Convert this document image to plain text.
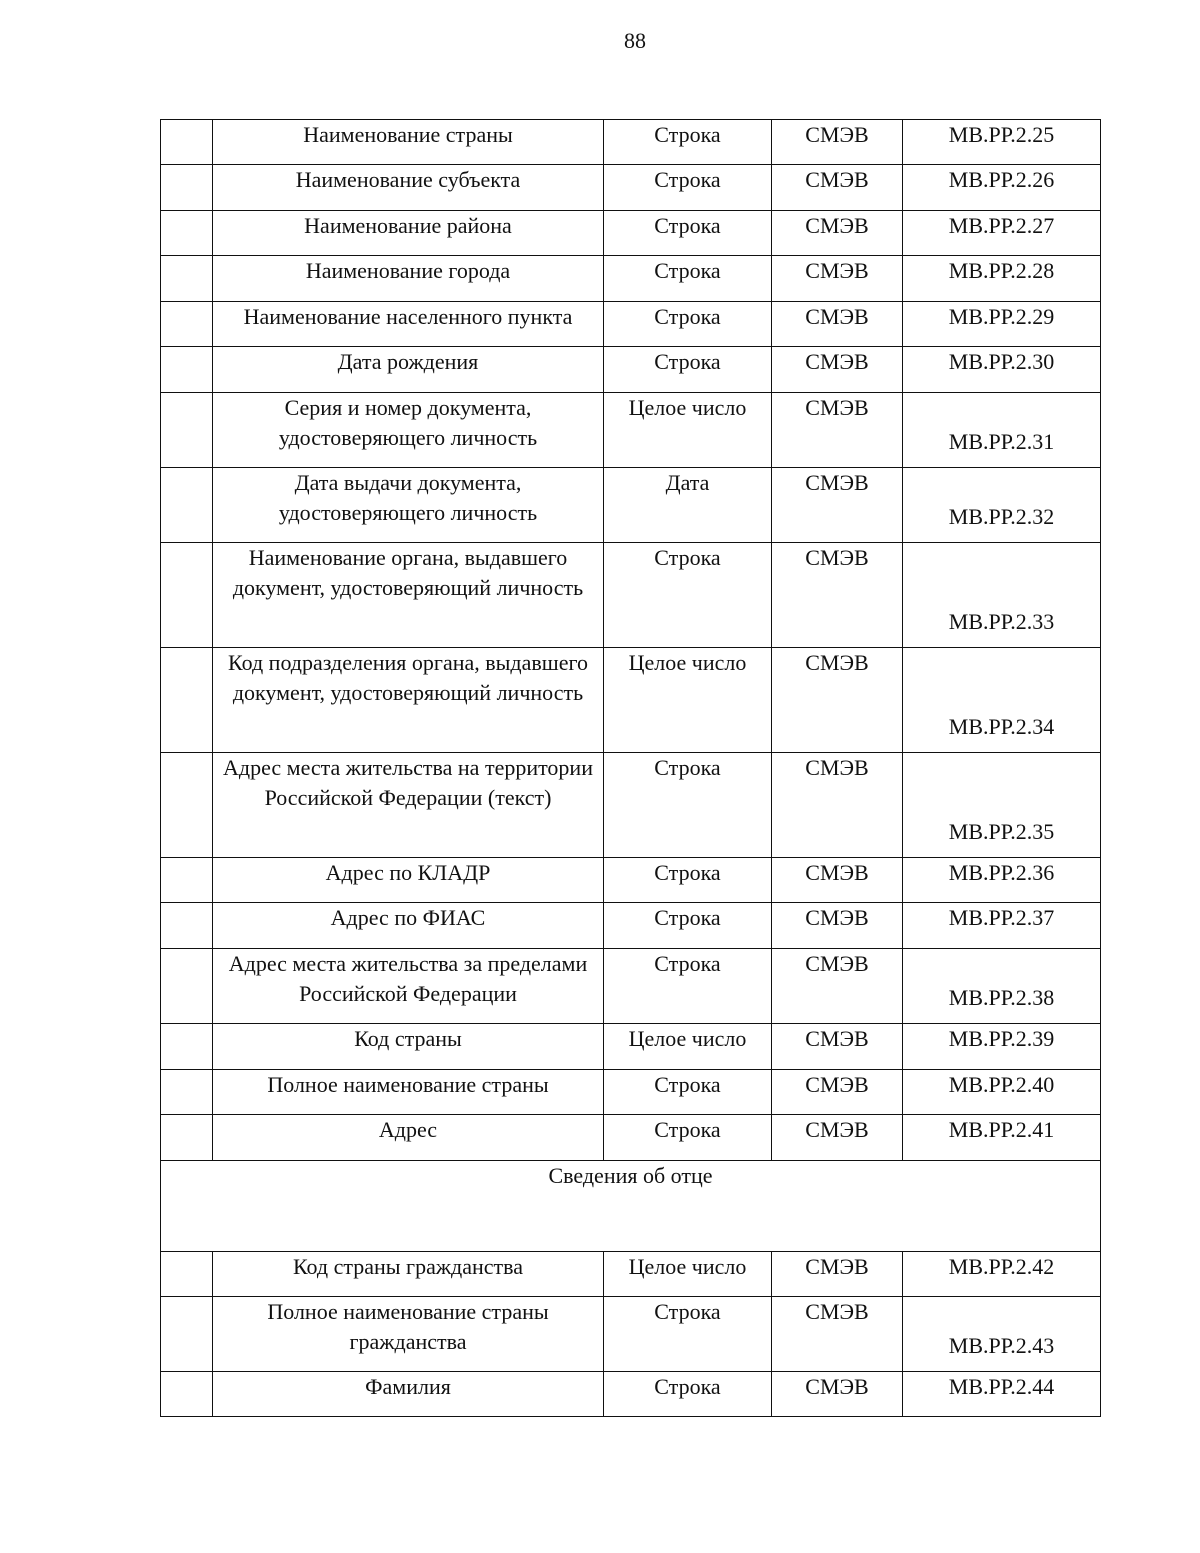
88
	Наименование страны	Строка	СМЭВ	МВ.РР.2.25
	Наименование субъекта	Строка	СМЭВ	МВ.РР.2.26
	Наименование района	Строка	СМЭВ	МВ.РР.2.27
	Наименование города	Строка	СМЭВ	МВ.РР.2.28
	Наименование населенного пункта	Строка	СМЭВ	МВ.РР.2.29
	Дата рождения	Строка	СМЭВ	МВ.РР.2.30
	Серия и номер документа, удостоверяющего личность	Целое число	СМЭВ	МВ.РР.2.31
	Дата выдачи документа, удостоверяющего личность	Дата	СМЭВ	МВ.РР.2.32
	Наименование органа, выдавшего документ, удостоверяющий личность	Строка	СМЭВ	МВ.РР.2.33
	Код подразделения органа, выдавшего документ, удостоверяющий личность	Целое число	СМЭВ	МВ.РР.2.34
	Адрес места жительства на территории Российской Федерации (текст)	Строка	СМЭВ	МВ.РР.2.35
	Адрес по КЛАДР	Строка	СМЭВ	МВ.РР.2.36
	Адрес по ФИАС	Строка	СМЭВ	МВ.РР.2.37
	Адрес места жительства за пределами Российской Федерации	Строка	СМЭВ	МВ.РР.2.38
	Код страны	Целое число	СМЭВ	МВ.РР.2.39
	Полное наименование страны	Строка	СМЭВ	МВ.РР.2.40
	Адрес	Строка	СМЭВ	МВ.РР.2.41
Сведения об отце				
	Код страны гражданства	Целое число	СМЭВ	МВ.РР.2.42
	Полное наименование страны гражданства	Строка	СМЭВ	МВ.РР.2.43
	Фамилия	Строка	СМЭВ	МВ.РР.2.44
